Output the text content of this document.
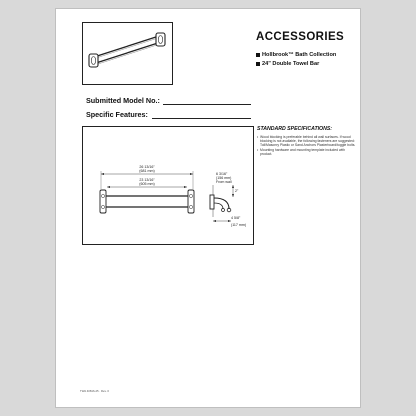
ACCESSORIES
Hollbrook™ Bath Collection
24" Double Towel Bar
Submitted Model No.:
Specific Features:
26 13/16"
(681 mm)
23 13/16"
(605 mm)
6 3/16"
(156 mm)
From wall
2"
4 5/8"
(117 mm)
STANDARD SPECIFICATIONS:
• Wood blocking is preferable behind all wall surfaces. If wood blocking is not available, the following fasteners are suggested: Toil/Masonry Plastic or Sand Anchors Plasterboard/toggle bolts.
• Mounting hardware and mounting template included with product.
TWA 40816-25 · Rev. 0
